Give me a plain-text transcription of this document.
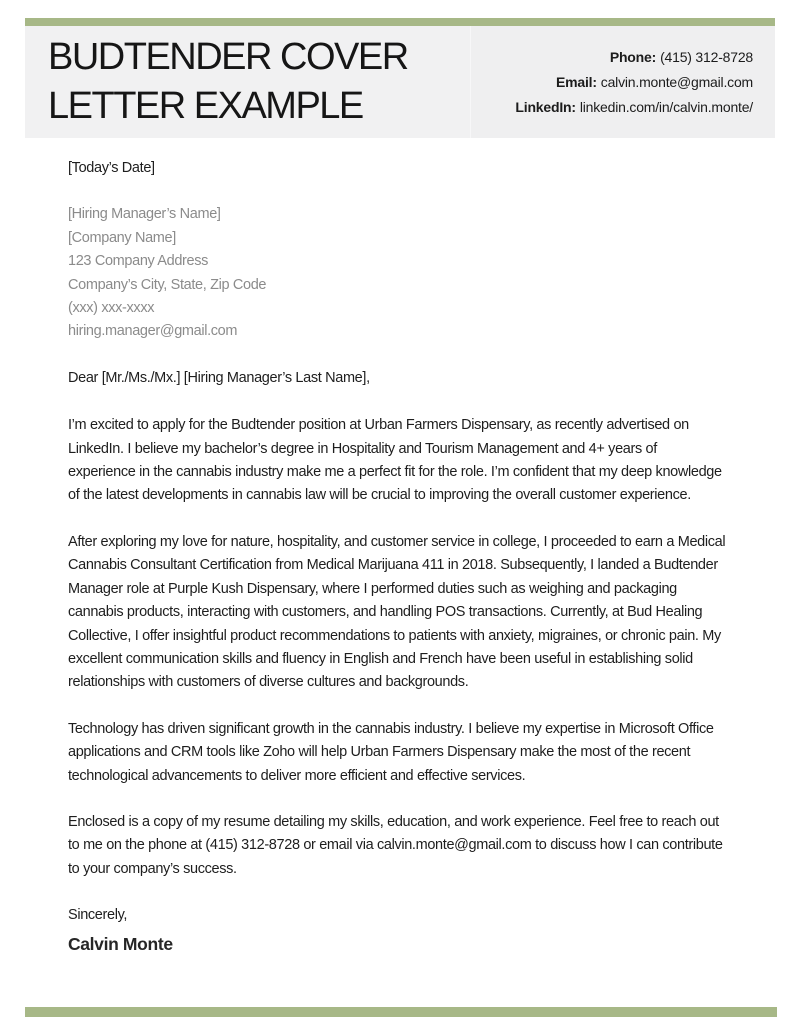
BUDTENDER COVER
LETTER EXAMPLE
Phone: (415) 312-8728
Email: calvin.monte@gmail.com
LinkedIn: linkedin.com/in/calvin.monte/

[Today’s Date]

[Hiring Manager’s Name]
[Company Name]
123 Company Address
Company’s City, State, Zip Code
(xxx) xxx-xxxx
hiring.manager@gmail.com

Dear [Mr./Ms./Mx.] [Hiring Manager’s Last Name],

I’m excited to apply for the Budtender position at Urban Farmers Dispensary, as recently advertised on LinkedIn. I believe my bachelor’s degree in Hospitality and Tourism Management and 4+ years of experience in the cannabis industry make me a perfect fit for the role. I’m confident that my deep knowledge of the latest developments in cannabis law will be crucial to improving the overall customer experience.

After exploring my love for nature, hospitality, and customer service in college, I proceeded to earn a Medical Cannabis Consultant Certification from Medical Marijuana 411 in 2018. Subsequently, I landed a Budtender Manager role at Purple Kush Dispensary, where I performed duties such as weighing and packaging cannabis products, interacting with customers, and handling POS transactions. Currently, at Bud Healing Collective, I offer insightful product recommendations to patients with anxiety, migraines, or chronic pain. My excellent communication skills and fluency in English and French have been useful in establishing solid relationships with customers of diverse cultures and backgrounds.

Technology has driven significant growth in the cannabis industry. I believe my expertise in Microsoft Office applications and CRM tools like Zoho will help Urban Farmers Dispensary make the most of the recent technological advancements to deliver more efficient and effective services.

Enclosed is a copy of my resume detailing my skills, education, and work experience. Feel free to reach out to me on the phone at (415) 312-8728 or email via calvin.monte@gmail.com to discuss how I can contribute to your company’s success.

Sincerely,

Calvin Monte
